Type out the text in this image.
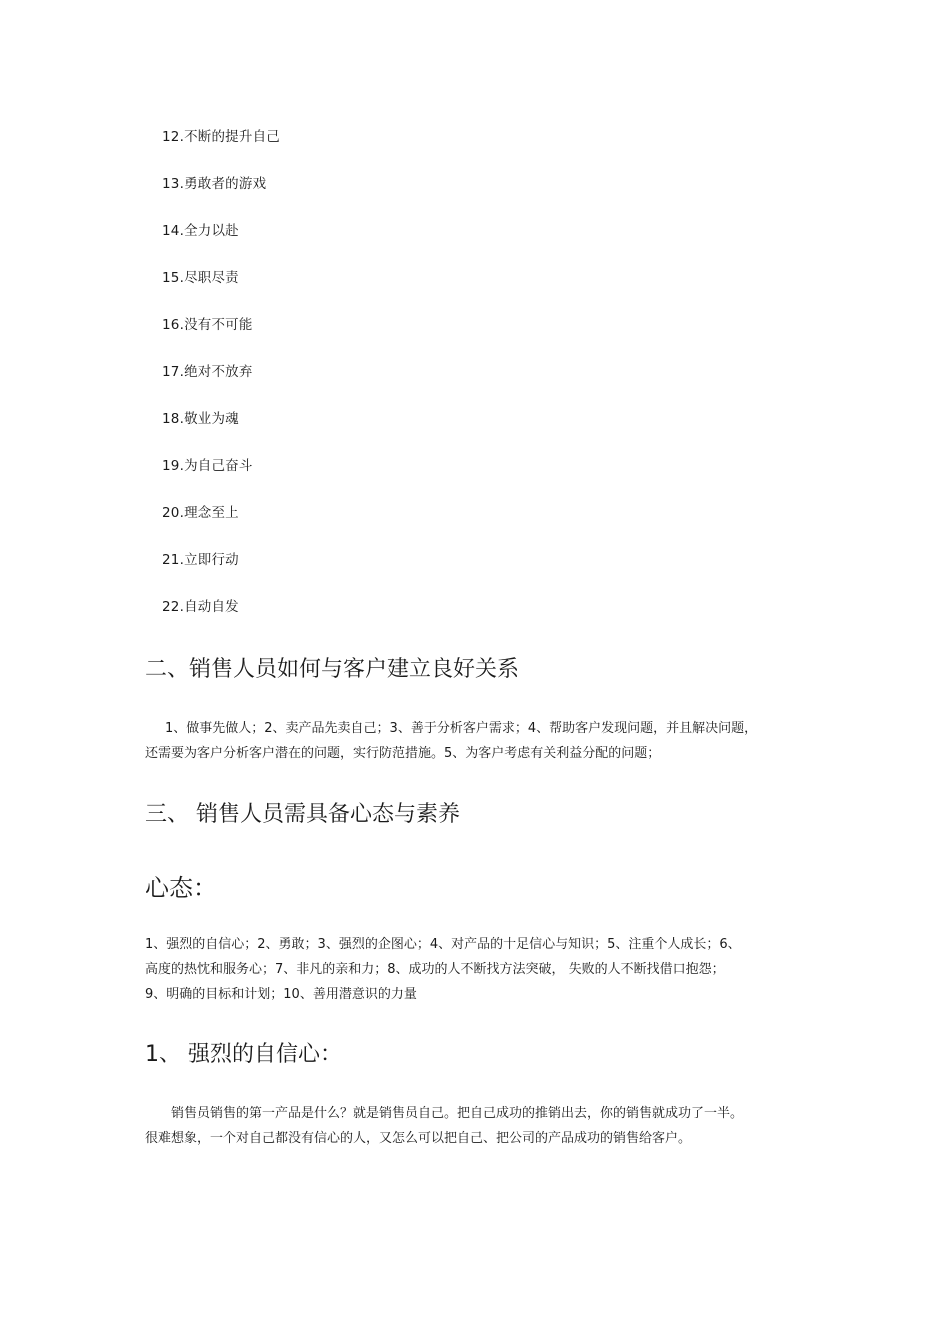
12.不断的提升自己
13.勇敢者的游戏
14.全力以赴
15.尽职尽责
16.没有不可能
17.绝对不放弃
18.敬业为魂
19.为自己奋斗
20.理念至上
21.立即行动
22.自动自发
二、销售人员如何与客户建立良好关系

1、做事先做人；2、卖产品先卖自己；3、善于分析客户需求；4、帮助客户发现问题，并且解决问题，
还需要为客户分析客户潜在的问题，实行防范措施。5、为客户考虑有关利益分配的问题；

三、 销售人员需具备心态与素养
心态：

1、强烈的自信心；2、勇敢；3、强烈的企图心；4、对产品的十足信心与知识；5、注重个人成长；6、
高度的热忱和服务心；7、非凡的亲和力；8、成功的人不断找方法突破， 失败的人不断找借口抱怨；
9、明确的目标和计划；10、善用潜意识的力量

1、 强烈的自信心：

销售员销售的第一产品是什么？就是销售员自己。把自己成功的推销出去，你的销售就成功了一半。
很难想象，一个对自己都没有信心的人，又怎么可以把自己、把公司的产品成功的销售给客户。
